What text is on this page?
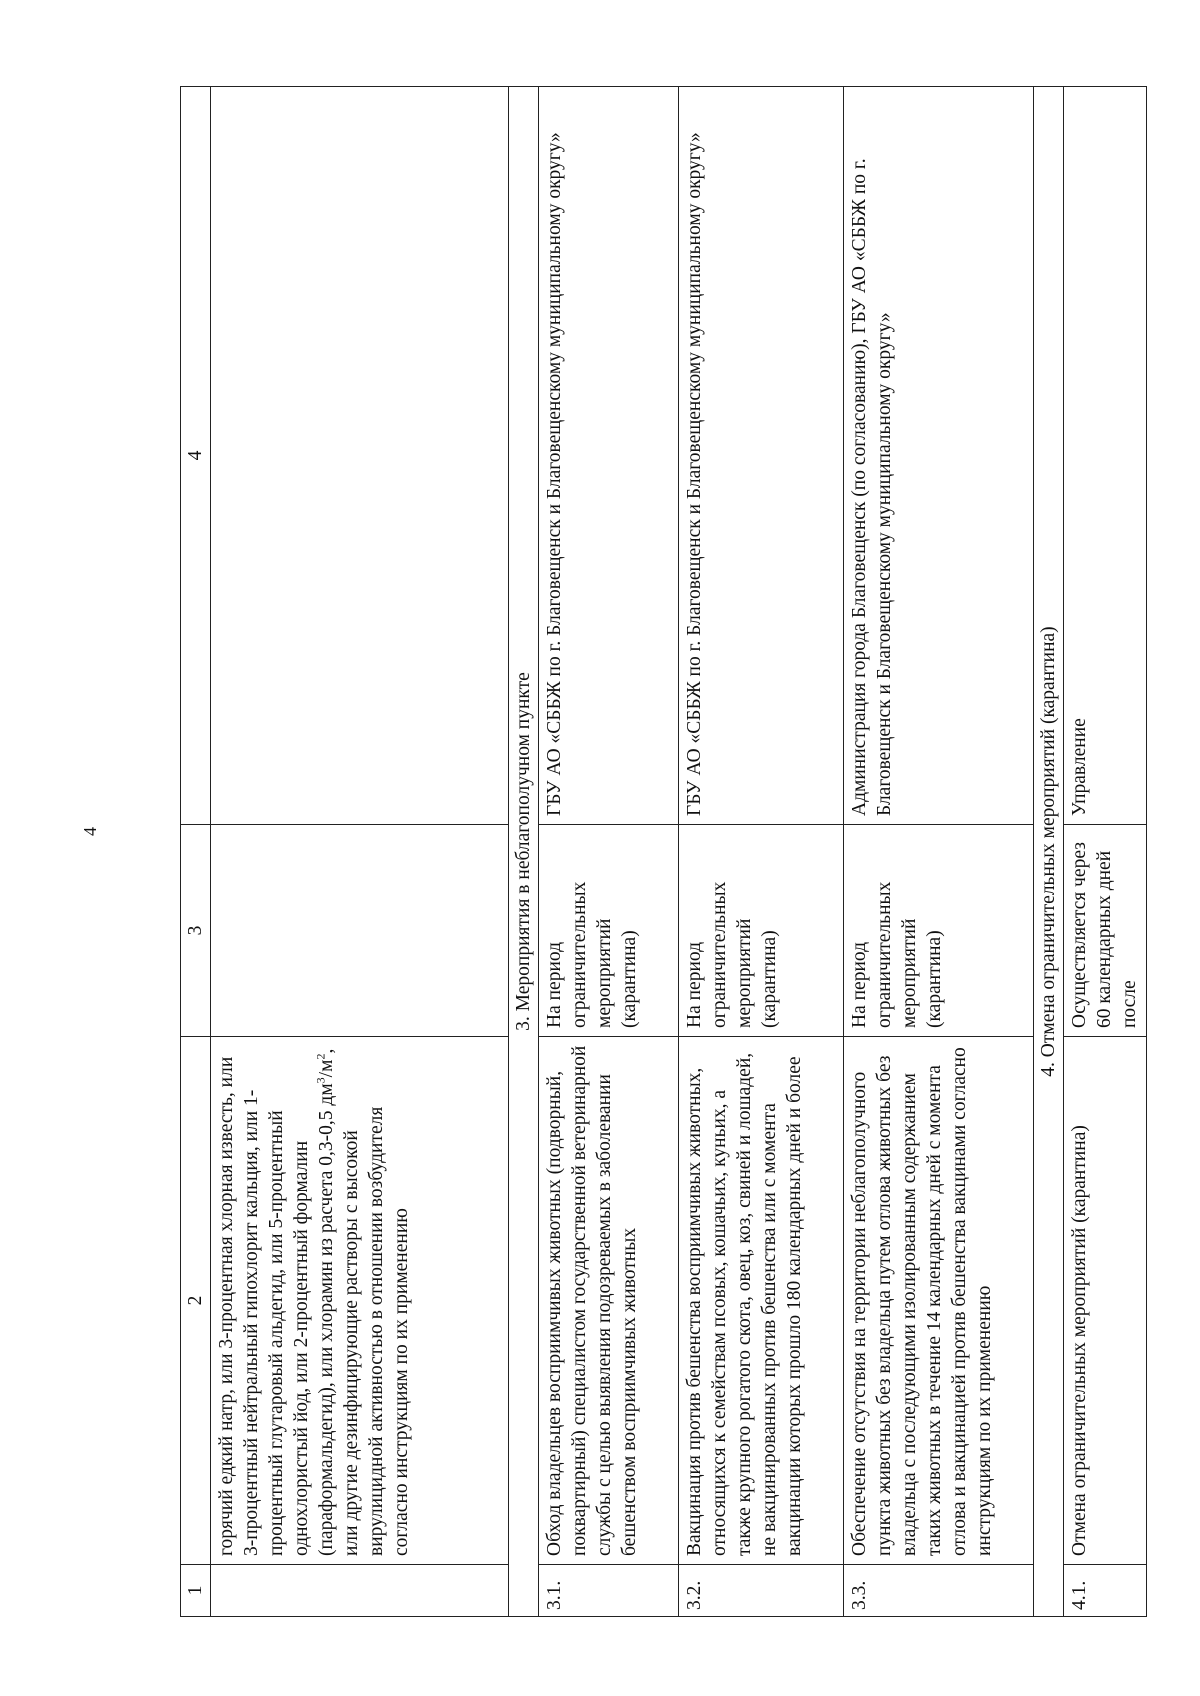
4
1	2	3	4
	горячий едкий натр, или 3-процентная хлорная известь, или 3-процентный нейтральный гипохлорит кальция, или 1-процентный глутаровый альдегид, или 5-процентный однохлористый йод, или 2-процентный формалин (параформальдегид), или хлорамин из расчета 0,3-0,5 $дм^3/м^2$, или другие дезинфицирующие растворы с высокой вирулицидной активностью в отношении возбудителя согласно инструкциям по их применению		
3. Мероприятия в неблагополучном пункте			
3.1.	Обход владельцев восприимчивых животных (подворный, поквартирный) специалистом государственной ветеринарной службы с целью выявления подозреваемых в заболевании бешенством восприимчивых животных	На период ограничительных мероприятий (карантина)	ГБУ АО «СББЖ по г. Благовещенск и Благовещенскому муниципальному округу»
3.2.	Вакцинация против бешенства восприимчивых животных, относящихся к семействам псовых, кошачьих, куньих, а также крупного рогатого скота, овец, коз, свиней и лошадей, не вакцинированных против бешенства или с момента вакцинации которых прошло 180 календарных дней и более	На период ограничительных мероприятий (карантина)	ГБУ АО «СББЖ по г. Благовещенск и Благовещенскому муниципальному округу»
3.3.	Обеспечение отсутствия на территории неблагополучного пункта животных без владельца путем отлова животных без владельца с последующими изолированным содержанием таких животных в течение 14 календарных дней с момента отлова и вакцинацией против бешенства вакцинами согласно инструкциям по их применению	На период ограничительных мероприятий (карантина)	Администрация города Благовещенск (по согласованию), ГБУ АО «СББЖ по г. Благовещенск и Благовещенскому муниципальному округу»
4. Отмена ограничительных мероприятий (карантина)			
4.1.	Отмена ограничительных мероприятий (карантина)	Осуществляется через 60 календарных дней после	Управление
